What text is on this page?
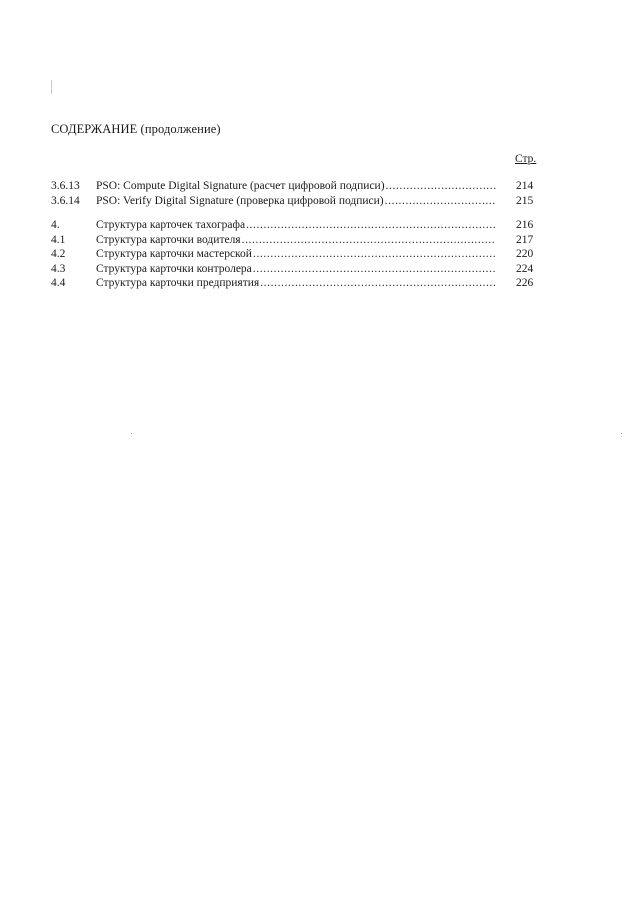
СОДЕРЖАНИЕ (продолжение)
Стр.
3.6.13	PSO: Compute Digital Signature (расчет цифровой подписи) .....	214
3.6.14	PSO: Verify Digital Signature (проверка цифровой подписи) .....	215
4.	Структура карточек тахографа .....	216
4.1	Структура карточки водителя .....	217
4.2	Структура карточки мастерской .....	220
4.3	Структура карточки контролера .....	224
4.4	Структура карточки предприятия .....	226
